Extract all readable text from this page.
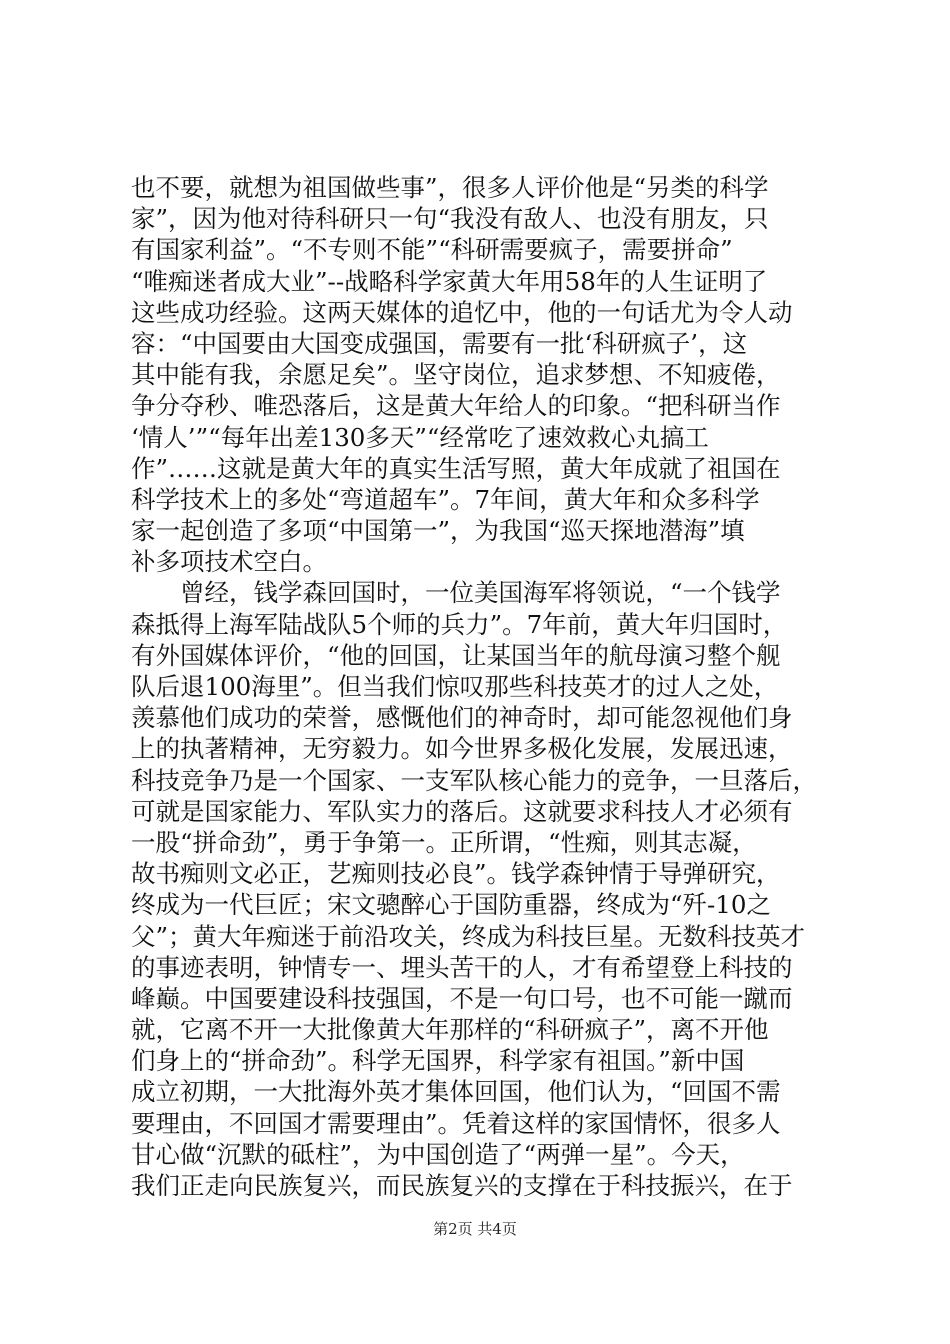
也不要，就想为祖国做些事”，很多人评价他是“另类的科学
家”，因为他对待科研只一句“我没有敌人、也没有朋友，只
有国家利益”。“不专则不能”“科研需要疯子，需要拼命”
“唯痴迷者成大业”--战略科学家黄大年用58年的人生证明了
这些成功经验。这两天媒体的追忆中，他的一句话尤为令人动
容：“中国要由大国变成强国，需要有一批‘科研疯子’，这
其中能有我，余愿足矣”。坚守岗位，追求梦想、不知疲倦，
争分夺秒、唯恐落后，这是黄大年给人的印象。“把科研当作
‘情人’”“每年出差130多天”“经常吃了速效救心丸搞工
作”……这就是黄大年的真实生活写照，黄大年成就了祖国在
科学技术上的多处“弯道超车”。7年间，黄大年和众多科学
家一起创造了多项“中国第一”，为我国“巡天探地潜海”填
补多项技术空白。
　　曾经，钱学森回国时，一位美国海军将领说，“一个钱学
森抵得上海军陆战队5个师的兵力”。7年前，黄大年归国时，
有外国媒体评价，“他的回国，让某国当年的航母演习整个舰
队后退100海里”。但当我们惊叹那些科技英才的过人之处，
羡慕他们成功的荣誉，感慨他们的神奇时，却可能忽视他们身
上的执著精神，无穷毅力。如今世界多极化发展，发展迅速，
科技竞争乃是一个国家、一支军队核心能力的竞争，一旦落后，
可就是国家能力、军队实力的落后。这就要求科技人才必须有
一股“拼命劲”，勇于争第一。正所谓，“性痴，则其志凝，
故书痴则文必正，艺痴则技必良”。钱学森钟情于导弹研究，
终成为一代巨匠；宋文骢醉心于国防重器，终成为“歼-10之
父”；黄大年痴迷于前沿攻关，终成为科技巨星。无数科技英才
的事迹表明，钟情专一、埋头苦干的人，才有希望登上科技的
峰巅。中国要建设科技强国，不是一句口号，也不可能一蹴而
就，它离不开一大批像黄大年那样的“科研疯子”，离不开他
们身上的“拼命劲”。科学无国界，科学家有祖国。”新中国
成立初期，一大批海外英才集体回国，他们认为，“回国不需
要理由，不回国才需要理由”。凭着这样的家国情怀，很多人
甘心做“沉默的砥柱”，为中国创造了“两弹一星”。今天，
我们正走向民族复兴，而民族复兴的支撑在于科技振兴，在于
第2页 共4页
